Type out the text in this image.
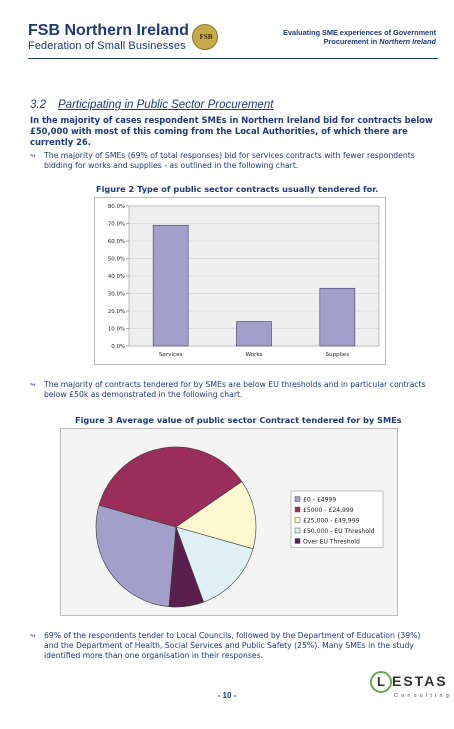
FSB Northern Ireland
Federation of Small Businesses
FSB	Evaluating SME experiences of Government
Procurement in Northern Ireland
3.2 Participating in Public Sector Procurement
In the majority of cases respondent SMEs in Northern Ireland bid for contracts below £50,000 with most of this coming from the Local Authorities, of which there are currently 26.
↬ The majority of SMEs (69% of total responses) bid for services contracts with fewer respondents bidding for works and supplies - as outlined in the following chart.
Figure 2 Type of public sector contracts usually tendered for.
0.0%
10.0%
20.0%
30.0%
40.0%
50.0%
60.0%
70.0%
80.0%
Services	Works	Supplies
↬ The majority of contracts tendered for by SMEs are below EU thresholds and in particular contracts below £50k as demonstrated in the following chart.
Figure 3 Average value of public sector Contract tendered for by SMEs
£0 - £4999
£5000 - £24,999
£25,000 - £49,999
£50,000 - EU Threshold
Over EU Threshold
↬ 69% of the respondents tender to Local Councils, followed by the Department of Education (39%) and the Department of Health, Social Services and Public Safety (25%). Many SMEs in the study identified more than one organisation in their responses.
- 10 -
L ESTAS
Consulting
